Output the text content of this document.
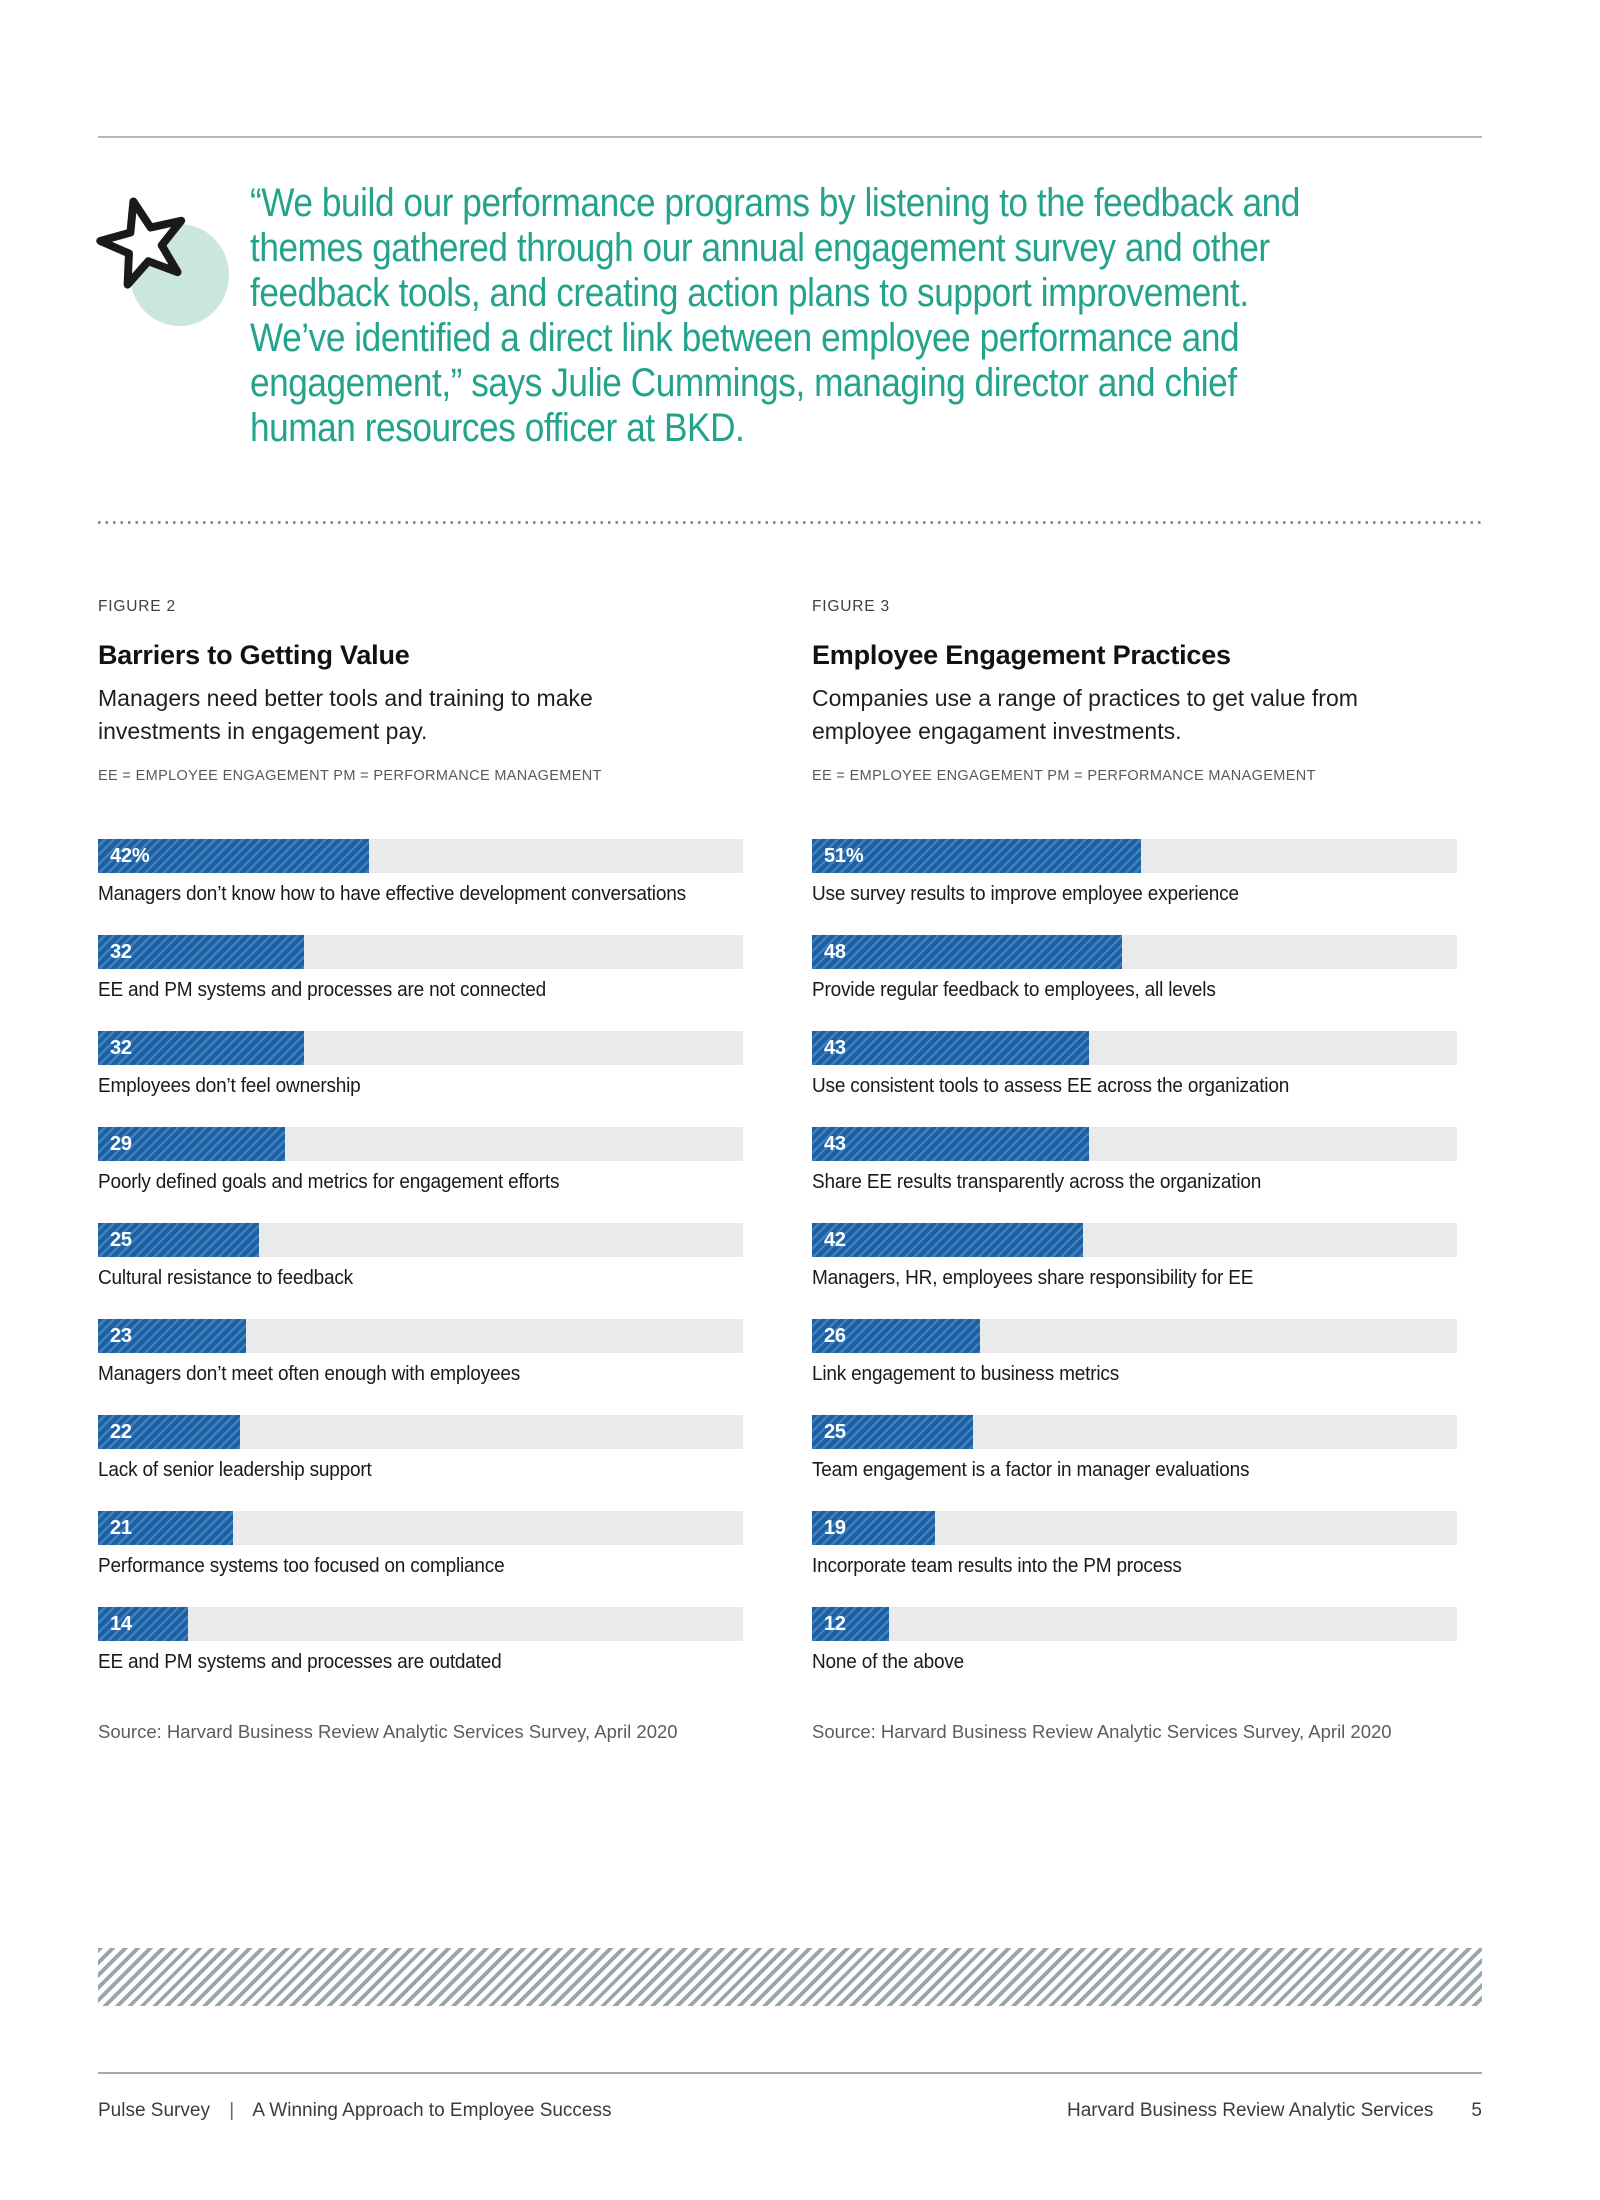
“We build our performance programs by listening to the feedback and
themes gathered through our annual engagement survey and other
feedback tools, and creating action plans to support improvement.
We’ve identified a direct link between employee performance and
engagement,” says Julie Cummings, managing director and chief
human resources officer at BKD.
FIGURE 2
Barriers to Getting Value
Managers need better tools and training to make
investments in engagement pay.
EE = EMPLOYEE ENGAGEMENT PM = PERFORMANCE MANAGEMENT
42%
Managers don’t know how to have effective development conversations
32
EE and PM systems and processes are not connected
32
Employees don’t feel ownership
29
Poorly defined goals and metrics for engagement efforts
25
Cultural resistance to feedback
23
Managers don’t meet often enough with employees
22
Lack of senior leadership support
21
Performance systems too focused on compliance
14
EE and PM systems and processes are outdated
Source: Harvard Business Review Analytic Services Survey, April 2020
FIGURE 3
Employee Engagement Practices
Companies use a range of practices to get value from
employee engagament investments.
EE = EMPLOYEE ENGAGEMENT PM = PERFORMANCE MANAGEMENT
51%
Use survey results to improve employee experience
48
Provide regular feedback to employees, all levels
43
Use consistent tools to assess EE across the organization
43
Share EE results transparently across the organization
42
Managers, HR, employees share responsibility for EE
26
Link engagement to business metrics
25
Team engagement is a factor in manager evaluations
19
Incorporate team results into the PM process
12
None of the above
Source: Harvard Business Review Analytic Services Survey, April 2020
Pulse Survey | A Winning Approach to Employee Success	Harvard Business Review Analytic Services 5
